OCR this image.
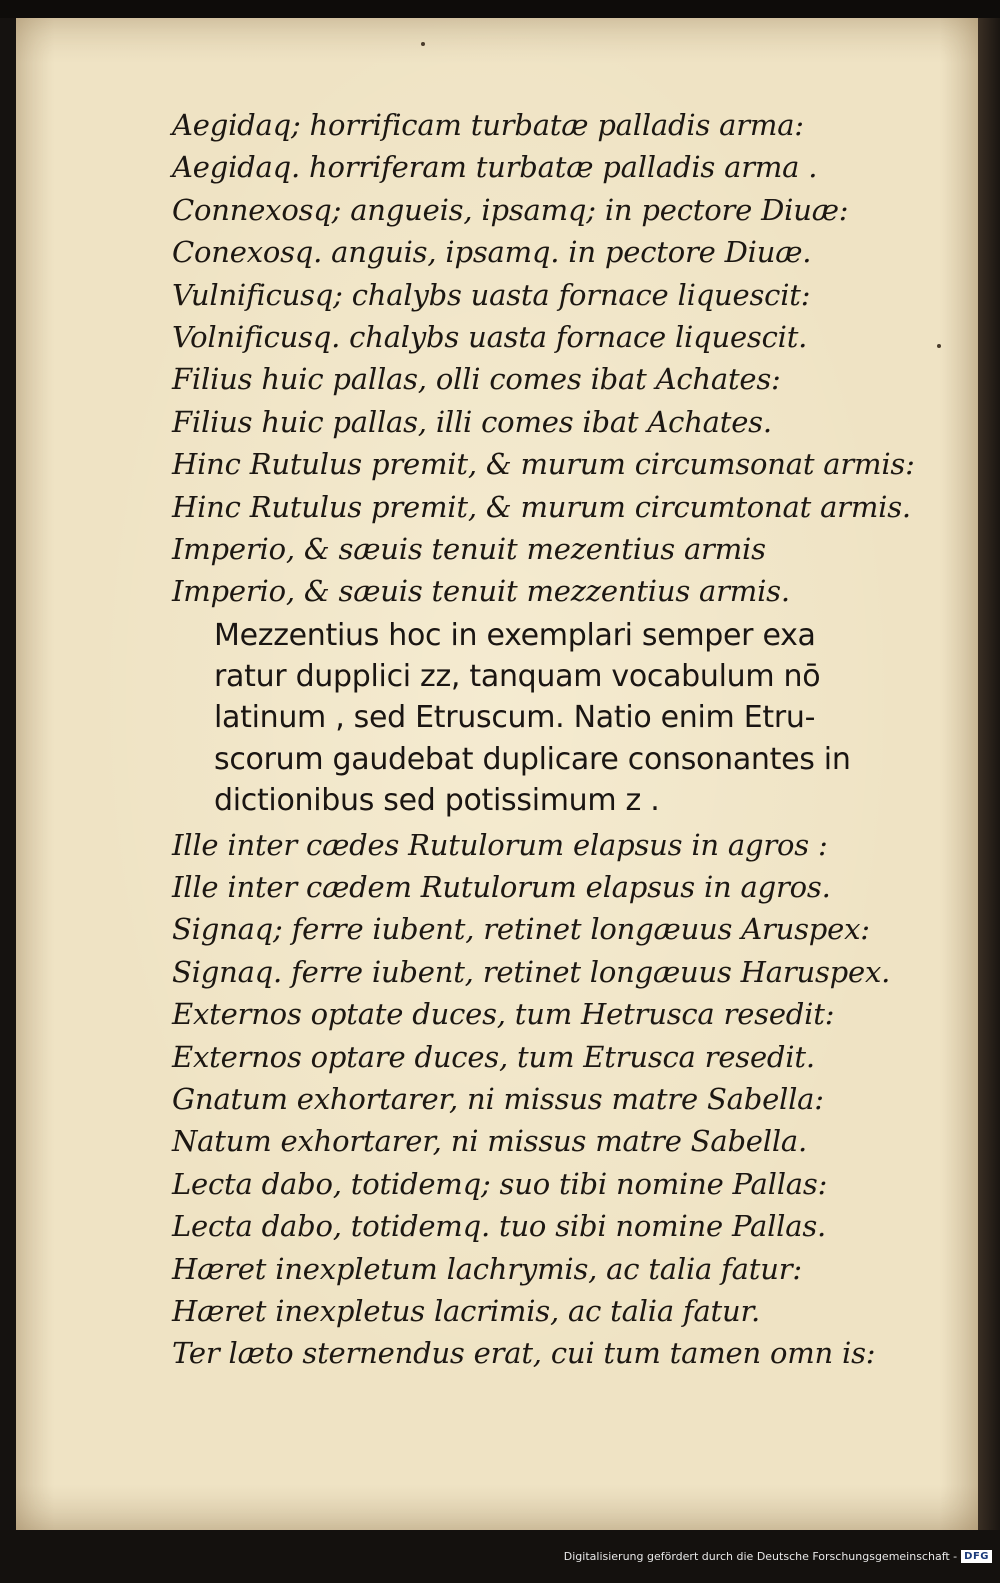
Aegidaq; horrificam turbatæ palladis arma:
Aegidaq. horriferam turbatæ palladis arma .
Connexosq; angueis, ipsamq; in pectore Diuæ:
Conexosq. anguis, ipsamq. in pectore Diuæ.
Vulnificusq; chalybs uasta fornace liquescit:
Volnificusq. chalybs uasta fornace liquescit.
Filius huic pallas, olli comes ibat Achates:
Filius huic pallas, illi comes ibat Achates.
Hinc Rutulus premit, & murum circumsonat armis:
Hinc Rutulus premit, & murum circumtonat armis.
Imperio, & sæuis tenuit mezentius armis
Imperio, & sæuis tenuit mezzentius armis.
Mezzentius hoc in exemplari semper exa
ratur dupplici zz, tanquam vocabulum nō
latinum , sed Etruscum. Natio enim Etru-
scorum gaudebat duplicare consonantes in
dictionibus sed potissimum z .
Ille inter cædes Rutulorum elapsus in agros :
Ille inter cædem Rutulorum elapsus in agros.
Signaq; ferre iubent, retinet longæuus Aruspex:
Signaq. ferre iubent, retinet longæuus Haruspex.
Externos optate duces, tum Hetrusca resedit:
Externos optare duces, tum Etrusca resedit.
Gnatum exhortarer, ni missus matre Sabella:
Natum exhortarer, ni missus matre Sabella.
Lecta dabo, totidemq; suo tibi nomine Pallas:
Lecta dabo, totidemq. tuo sibi nomine Pallas.
Hæret inexpletum lachrymis, ac talia fatur:
Hæret inexpletus lacrimis, ac talia fatur.
Ter læto sternendus erat, cui tum tamen omn is:
Digitalisierung gefördert durch die Deutsche Forschungsgemeinschaft - DFG
